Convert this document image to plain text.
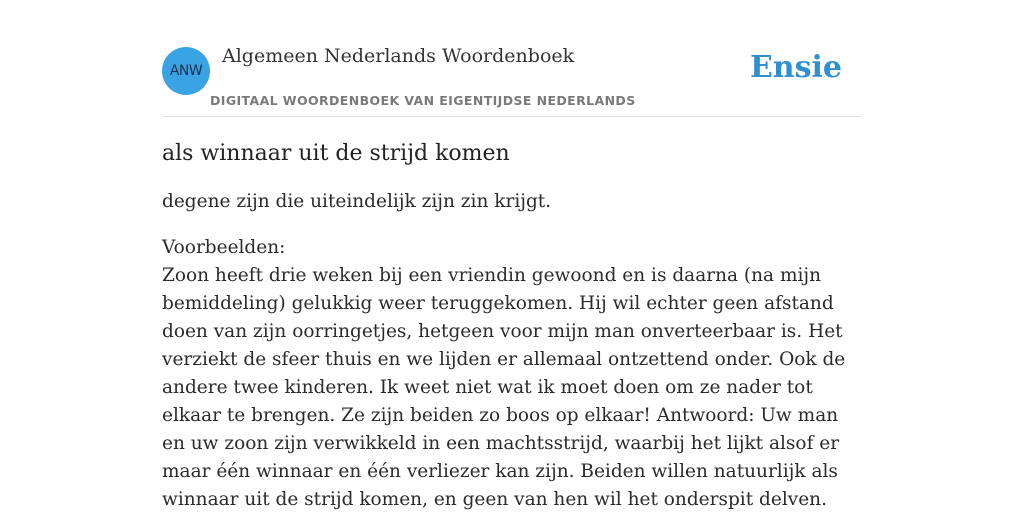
ANW
Algemeen Nederlands Woordenboek
DIGITAAL WOORDENBOEK VAN EIGENTIJDSE NEDERLANDS
Ensie
als winnaar uit de strijd komen

degene zijn die uiteindelijk zijn zin krijgt.

Voorbeelden:

Zoon heeft drie weken bij een vriendin gewoond en is daarna (na mijn bemiddeling) gelukkig weer teruggekomen. Hij wil echter geen afstand doen van zijn oorringetjes, hetgeen voor mijn man onverteerbaar is. Het verziekt de sfeer thuis en we lijden er allemaal ontzettend onder. Ook de andere twee kinderen. Ik weet niet wat ik moet doen om ze nader tot elkaar te brengen. Ze zijn beiden zo boos op elkaar! Antwoord: Uw man en uw zoon zijn verwikkeld in een machtsstrijd, waarbij het lijkt alsof er maar één winnaar en één verliezer kan zijn. Beiden willen natuurlijk als winnaar uit de strijd komen, en geen van hen wil het onderspit delven.
